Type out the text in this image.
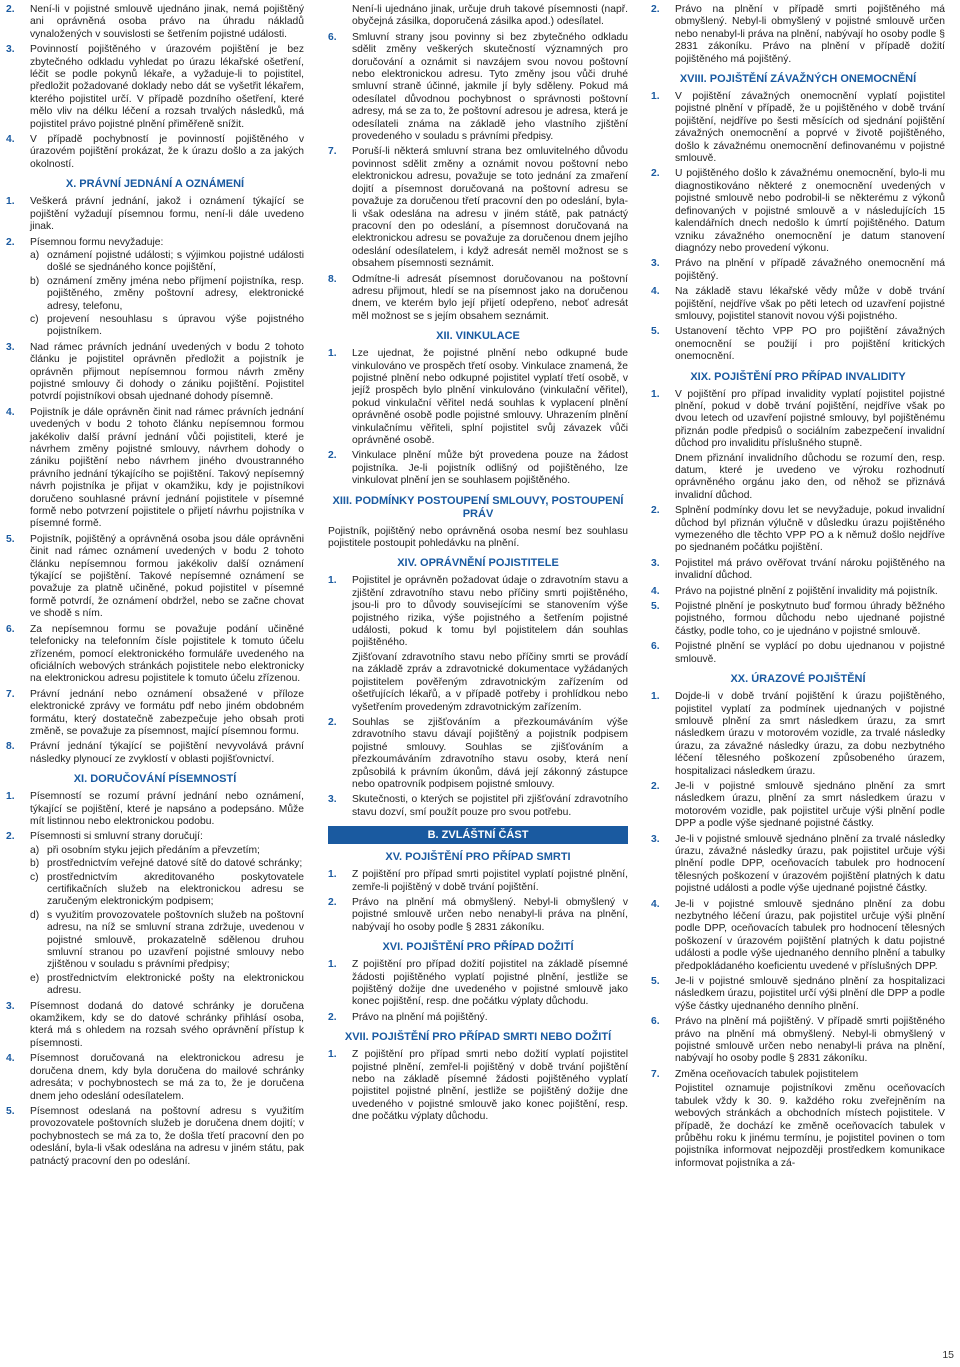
2.	Není-li v pojistné smlouvě ujednáno jinak, nemá pojištěný ani oprávněná osoba právo na úhradu nákladů vynaložených v souvislosti se šetřením pojistné události.
3.	Povinností pojištěného v úrazovém pojištění je bez zbytečného odkladu vyhledat po úrazu lékařské ošetření, léčit se podle pokynů lékaře, a vyžaduje-li to pojistitel, předložit požadované doklady nebo dát se vyšetřit lékařem, kterého pojistitel určí. V případě pozdního ošetření, které mělo vliv na délku léčení a rozsah trvalých následků, má pojistitel právo pojistné plnění přiměřeně snížit.
4.	V případě pochybností je povinností pojištěného v úrazovém pojištění prokázat, že k úrazu došlo a za jakých okolností.
X. PRÁVNÍ JEDNÁNÍ A OZNÁMENÍ
1.	Veškerá právní jednání, jakož i oznámení týkající se pojištění vyžadují písemnou formu, není-li dále uvedeno jinak.
2.	Písemnou formu nevyžaduje:
a) oznámení pojistné události; s výjimkou pojistné události došlé se sjednáného konce pojištění,
b) oznámení změny jména nebo příjmení pojistníka, resp. pojištěného, změny poštovní adresy, elektronické adresy, telefonu,
c) projevení nesouhlasu s úpravou výše pojistného pojistníkem.
3.	Nad rámec právních jednání uvedených v bodu 2 tohoto článku je pojistitel oprávněn předložit a pojistník je oprávněn přijmout nepísemnou formou návrh změny pojistné smlouvy či dohody o zániku pojištění. Pojistitel potvrdí pojistníkovi obsah ujednané dohody písemně.
4.	Pojistník je dále oprávněn činit nad rámec právních jednání uvedených v bodu 2 tohoto článku nepísemnou formou jakékoliv další právní jednání vůči pojistiteli, které je návrhem změny pojistné smlouvy, návrhem dohody o zániku pojištění nebo návrhem jiného dvoustranného právního jednání týkajícího se pojištění. Takový nepísemný návrh pojistníka je přijat v okamžiku, kdy je pojistníkovi doručeno souhlasné právní jednání pojistitele v písemné formě nebo potvrzení pojistitele o přijetí návrhu pojistníka v písemné formě.
5.	Pojistník, pojištěný a oprávněná osoba jsou dále oprávněni činit nad rámec oznámení uvedených v bodu 2 tohoto článku nepísemnou formou jakékoliv další oznámení týkající se pojištění. Takové nepísemné oznámení se považuje za platně učiněné, pokud pojistitel v písemné formě potvrdí, že oznámení obdržel, nebo se začne chovat ve shodě s ním.
6.	Za nepísemnou formu se považuje podání učiněné telefonicky na telefonním čísle pojistitele k tomuto účelu zřízeném, pomocí elektronického formuláře uvedeného na oficiálních webových stránkách pojistitele nebo elektronicky na elektronickou adresu pojistitele k tomuto účelu zřízenou.
7.	Právní jednání nebo oznámení obsažené v příloze elektronické zprávy ve formátu pdf nebo jiném obdobném formátu, který dostatečně zabezpečuje jeho obsah proti změně, se považuje za písemnost, mající písemnou formu.
8.	Právní jednání týkající se pojištění nevyvolává právní následky plynoucí ze zvyklostí v oblasti pojišťovnictví.
XI. DORUČOVÁNÍ PÍSEMNOSTÍ
1.	Písemností se rozumí právní jednání nebo oznámení, týkající se pojištění, které je napsáno a podepsáno. Může mít listinnou nebo elektronickou podobu.
2.	Písemnosti si smluvní strany doručují:
a) při osobním styku jejich předáním a převzetím;
b) prostřednictvím veřejné datové sítě do datové schránky;
c) prostřednictvím akreditovaného poskytovatele certifikačních služeb na elektronickou adresu se zaručeným elektronickým podpisem;
d) s využitím provozovatele poštovních služeb na poštovní adresu, na níž se smluvní strana zdržuje, uvedenou v pojistné smlouvě, prokazatelně sdělenou druhou smluvní stranou po uzavření pojistné smlouvy nebo zjištěnou v souladu s právními předpisy;
e) prostřednictvím elektronické pošty na elektronickou adresu.
3.	Písemnost dodaná do datové schránky je doručena okamžikem, kdy se do datové schránky přihlásí osoba, která má s ohledem na rozsah svého oprávnění přístup k písemnosti.
4.	Písemnost doručovaná na elektronickou adresu je doručena dnem, kdy byla doručena do mailové schránky adresáta; v pochybnostech se má za to, že je doručena dnem jeho odeslání odesílatelem.
5.	Písemnost odeslaná na poštovní adresu s využitím provozovatele poštovních služeb je doručena dnem dojití; v pochybnostech se má za to, že došla třetí pracovní den po odeslání, byla-li však odeslána na adresu v jiném státu, pak patnáctý pracovní den po odeslání.
Není-li ujednáno jinak, určuje druh takové písemnosti (např. obyčejná zásilka, doporučená zásilka apod.) odesílatel.
6.	Smluvní strany jsou povinny si bez zbytečného odkladu sdělit změny veškerých skutečností významných pro doručování a oznámit si navzájem svou novou poštovní nebo elektronickou adresu. Tyto změny jsou vůči druhé smluvní straně účinné, jakmile jí byly sděleny. Pokud má odesílatel důvodnou pochybnost o správnosti poštovní adresy, má se za to, že poštovní adresou je adresa, která je odesílateli známa na základě jeho vlastního zjištění provedeného v souladu s právními předpisy.
7.	Poruší-li některá smluvní strana bez omluvitelného důvodu povinnost sdělit změny a oznámit novou poštovní nebo elektronickou adresu, považuje se toto jednání za zmaření dojití a písemnost doručovaná na poštovní adresu se považuje za doručenou třetí pracovní den po odeslání, byla-li však odeslána na adresu v jiném státě, pak patnáctý pracovní den po odeslání, a písemnost doručovaná na elektronickou adresu se považuje za doručenou dnem jejího odeslání odesílatelem, i když adresát neměl možnost se s obsahem písemnosti seznámit.
8.	Odmítne-li adresát písemnost doručovanou na poštovní adresu přijmout, hledí se na písemnost jako na doručenou dnem, ve kterém bylo její přijetí odepřeno, neboť adresát měl možnost se s jejím obsahem seznámit.
XII. VINKULACE
1.	Lze ujednat, že pojistné plnění nebo odkupné bude vinkulováno ve prospěch třetí osoby. Vinkulace znamená, že pojistné plnění nebo odkupné pojistitel vyplatí třetí osobě, v jejíž prospěch bylo plnění vinkulováno (vinkulační věřitel), pokud vinkulační věřitel nedá souhlas k vyplacení plnění oprávněné osobě podle pojistné smlouvy. Uhrazením plnění vinkulačnímu věřiteli, splní pojistitel svůj závazek vůči oprávněné osobě.
2.	Vinkulace plnění může být provedena pouze na žádost pojistníka. Je-li pojistník odlišný od pojištěného, lze vinkulovat plnění jen se souhlasem pojištěného.
XIII. PODMÍNKY POSTOUPENÍ SMLOUVY, POSTOUPENÍ PRÁV
Pojistník, pojištěný nebo oprávněná osoba nesmí bez souhlasu pojistitele postoupit pohledávku na plnění.
XIV. OPRÁVNĚNÍ POJISTITELE
1.	Pojistitel je oprávněn požadovat údaje o zdravotním stavu a zjištění zdravotního stavu nebo příčiny smrti pojištěného, jsou-li pro to důvody souvisejícími se stanovením výše pojistného rizika, výše pojistného a šetřením pojistné události, pokud k tomu byl pojistitelem dán souhlas pojištěného.
Zjišťovaní zdravotního stavu nebo příčiny smrti se provádí na základě zpráv a zdravotnické dokumentace vyžádaných pojistitelem pověřeným zdravotnickým zařízením od ošetřujících lékařů, a v případě potřeby i prohlídkou nebo vyšetřením provedeným zdravotnickým zařízením.
2.	Souhlas se zjišťováním a přezkoumáváním výše zdravotního stavu dávají pojištěný a pojistník podpisem pojistné smlouvy. Souhlas se zjišťováním a přezkoumáváním zdravotního stavu osoby, která není způsobilá k právním úkonům, dává její zákonný zástupce nebo opatrovník podpisem pojistné smlouvy.
3.	Skutečnosti, o kterých se pojistitel při zjišťování zdravotního stavu dozví, smí použít pouze pro svou potřebu.
B. ZVLÁŠTNÍ ČÁST
XV. POJIŠTĚNÍ PRO PŘÍPAD SMRTI
1.	Z pojištění pro případ smrti pojistitel vyplatí pojistné plnění, zemře-li pojištěný v době trvání pojištění.
2.	Právo na plnění má obmyšlený. Nebyl-li obmyšlený v pojistné smlouvě určen nebo nenabyl-li práva na plnění, nabývají ho osoby podle § 2831 zákoníku.
XVI. POJIŠTĚNÍ PRO PŘÍPAD DOŽITÍ
1.	Z pojištění pro případ dožití pojistitel na základě písemné žádosti pojištěného vyplatí pojistné plnění, jestliže se pojištěný dožije dne uvedeného v pojistné smlouvě jako konec pojištění, resp. dne počátku výplaty důchodu.
2.	Právo na plnění má pojištěný.
XVII. POJIŠTĚNÍ PRO PŘÍPAD SMRTI NEBO DOŽITÍ
1.	Z pojištění pro případ smrti nebo dožití vyplatí pojistitel pojistné plnění, zemřel-li pojištěný v době trvání pojištění nebo na základě písemné žádosti pojištěného vyplatí pojistitel pojistné plnění, jestliže se pojištěný dožije dne uvedeného v pojistné smlouvě jako konec pojištění, resp. dne počátku výplaty důchodu.
2.	Právo na plnění v případě smrti pojištěného má obmyšlený. Nebyl-li obmyšlený v pojistné smlouvě určen nebo nenabyl-li práva na plnění, nabývají ho osoby podle § 2831 zákoníku. Právo na plnění v případě dožití pojištěného má pojištěný.
XVIII. POJIŠTĚNÍ ZÁVAŽNÝCH ONEMOCNĚNÍ
1.	V pojištění závažných onemocnění vyplatí pojistitel pojistné plnění v případě, že u pojištěného v době trvání pojištění, nejdříve po šesti měsících od sjednání pojištění závažných onemocnění a poprvé v životě pojištěného, došlo k závažnému onemocnění definovanému v pojistné smlouvě.
2.	U pojištěného došlo k závažnému onemocnění, bylo-li mu diagnostikováno některé z onemocnění uvedených v pojistné smlouvě nebo podrobil-li se některému z výkonů definovaných v pojistné smlouvě a v následujících 15 kalendářních dnech nedošlo k úmrtí pojištěného. Datum vzniku závažného onemocnění je datum stanovení diagnózy nebo provedení výkonu.
3.	Právo na plnění v případě závažného onemocnění má pojištěný.
4.	Na základě stavu lékařské vědy může v době trvání pojištění, nejdříve však po pěti letech od uzavření pojistné smlouvy, pojistitel stanovit novou výši pojistného.
5.	Ustanovení těchto VPP PO pro pojištění závažných onemocnění se použijí i pro pojištění kritických onemocnění.
XIX. POJIŠTĚNÍ PRO PŘÍPAD INVALIDITY
1.	V pojištění pro případ invalidity vyplatí pojistitel pojistné plnění, pokud v době trvání pojištění, nejdříve však po dvou letech od uzavření pojistné smlouvy, byl pojištěnému přiznán podle předpisů o sociálním zabezpečení invalidní důchod pro invaliditu příslušného stupně.
Dnem přiznání invalidního důchodu se rozumí den, resp. datum, které je uvedeno ve výroku rozhodnutí oprávněného orgánu jako den, od něhož se přiznává invalidní důchod.
2.	Splnění podmínky dovu let se nevyžaduje, pokud invalidní důchod byl přiznán výlučně v důsledku úrazu pojištěného vymezeného dle těchto VPP PO a k němuž došlo nejdříve po sjednaném počátku pojištění.
3.	Pojistitel má právo ověřovat trvání nároku pojištěného na invalidní důchod.
4.	Právo na pojistné plnění z pojištění invalidity má pojistník.
5.	Pojistné plnění je poskytnuto buď formou úhrady běžného pojistného, formou důchodu nebo ujednané pojistné částky, podle toho, co je ujednáno v pojistné smlouvě.
6.	Pojistné plnění se vyplácí po dobu ujednanou v pojistné smlouvě.
XX. ÚRAZOVÉ POJIŠTĚNÍ
1.	Dojde-li v době trvání pojištění k úrazu pojištěného, pojistitel vyplatí za podmínek ujednaných v pojistné smlouvě plnění za smrt následkem úrazu, za smrt následkem úrazu v motorovém vozidle, za trvalé následky úrazu, za závažné následky úrazu, za dobu nezbytného léčení tělesného poškození způsobeného úrazem, hospitalizaci následkem úrazu.
2.	Je-li v pojistné smlouvě sjednáno plnění za smrt následkem úrazu, plnění za smrt následkem úrazu v motorovém vozidle, pak pojistitel určuje výši plnění podle DPP a podle výše sjednané pojistné částky.
3.	Je-li v pojistné smlouvě sjednáno plnění za trvalé následky úrazu, závažné následky úrazu, pak pojistitel určuje výši plnění podle DPP, oceňovacích tabulek pro hodnocení tělesných poškození v úrazovém pojištění platných k datu pojistné události a podle výše ujednané pojistné částky.
4.	Je-li v pojistné smlouvě sjednáno plnění za dobu nezbytného léčení úrazu, pak pojistitel určuje výši plnění podle DPP, oceňovacích tabulek pro hodnocení tělesných poškození v úrazovém pojištění platných k datu pojistné události a podle výše ujednaného denního plnění a tabulky předpokládaného koeficientu uvedené v příslušných DPP.
5.	Je-li v pojistné smlouvě sjednáno plnění za hospitalizaci následkem úrazu, pojistitel určí výši plnění dle DPP a podle výše částky ujednaného denního plnění.
6.	Právo na plnění má pojištěný. V případě smrti pojištěného právo na plnění má obmyšlený. Nebyl-li obmyšlený v pojistné smlouvě určen nebo nenabyl-li práva na plnění, nabývají ho osoby podle § 2831 zákoníku.
7.	Změna oceňovacích tabulek pojistitelem
Pojistitel oznamuje pojistníkovi změnu oceňovacích tabulek vždy k 30. 9. každého roku zveřejněním na webových stránkách a obchodních místech pojistitele. V případě, že dochází ke změně oceňovacích tabulek v průběhu roku k jinému termínu, je pojistitel povinen o tom pojistníka informovat nejpozději prostředkem komunikace informovat pojistníka a zá-
15
